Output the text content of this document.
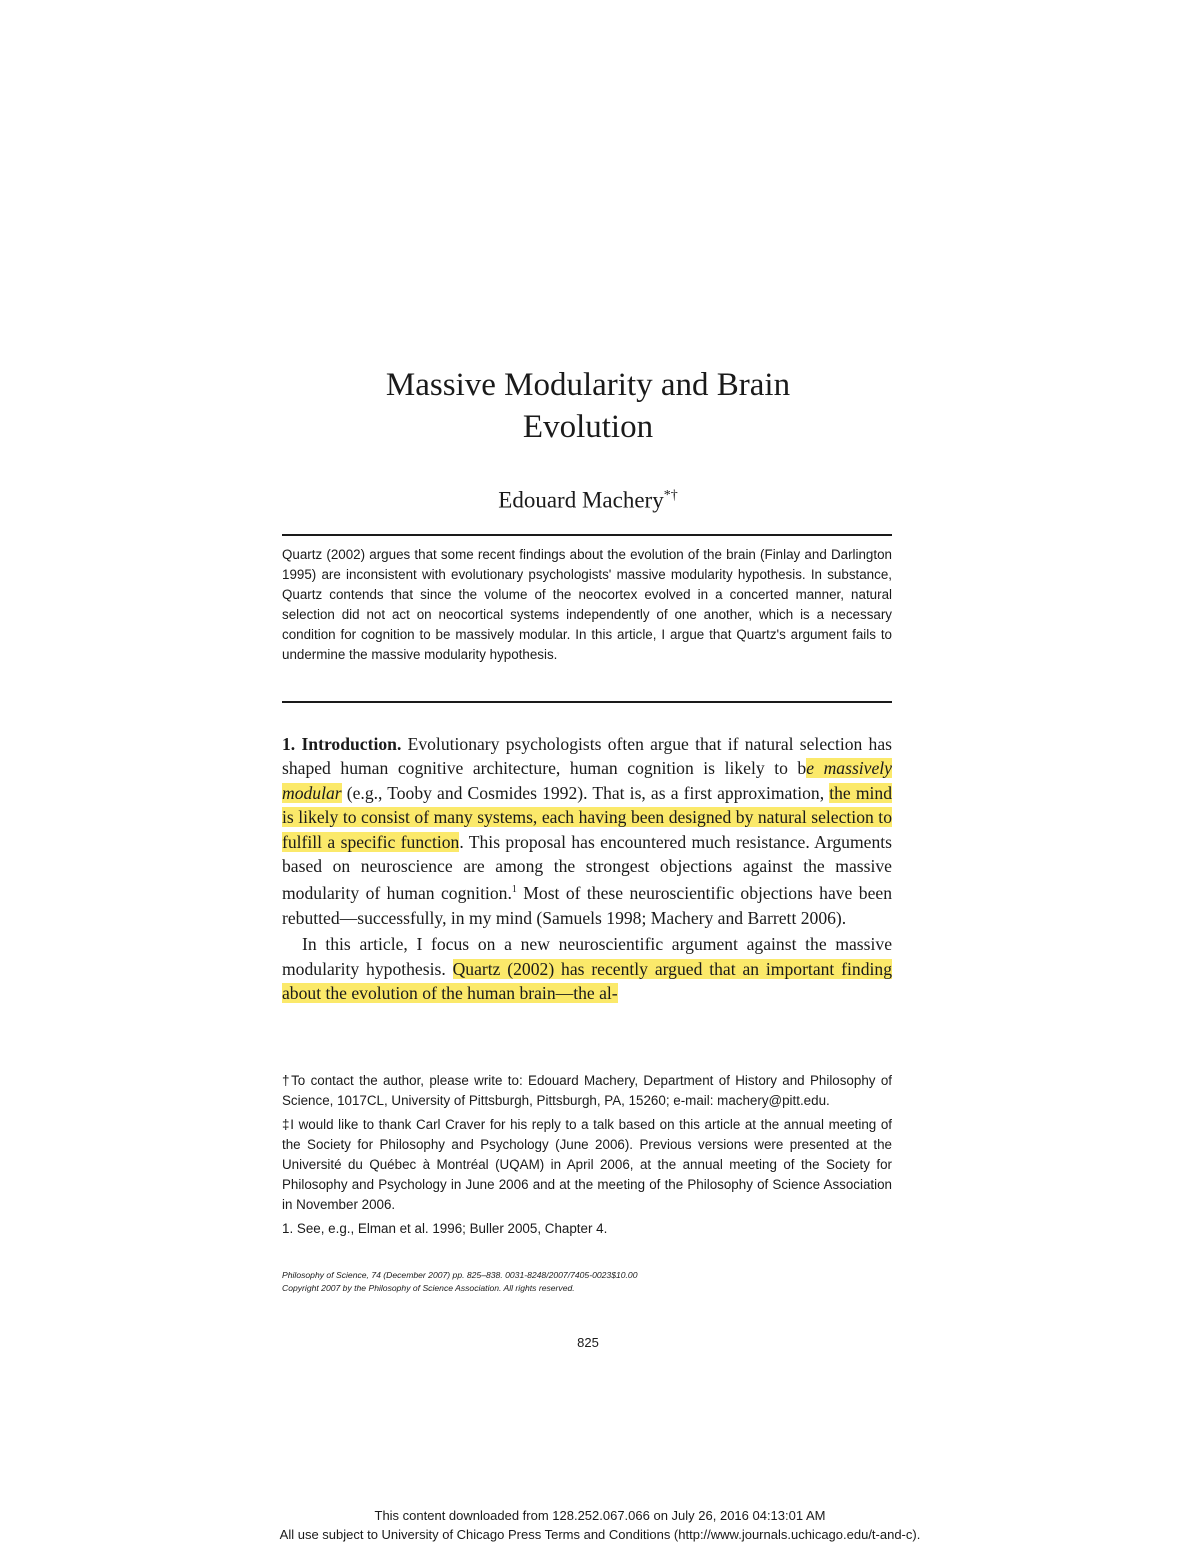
Massive Modularity and Brain
Evolution
Edouard Machery*†

Quartz (2002) argues that some recent findings about the evolution of the brain (Finlay and Darlington 1995) are inconsistent with evolutionary psychologists' massive modularity hypothesis. In substance, Quartz contends that since the volume of the neocortex evolved in a concerted manner, natural selection did not act on neocortical systems independently of one another, which is a necessary condition for cognition to be massively modular. In this article, I argue that Quartz's argument fails to undermine the massive modularity hypothesis.

1. Introduction. Evolutionary psychologists often argue that if natural selection has shaped human cognitive architecture, human cognition is likely to be massively modular (e.g., Tooby and Cosmides 1992). That is, as a first approximation, the mind is likely to consist of many systems, each having been designed by natural selection to fulfill a specific function. This proposal has encountered much resistance. Arguments based on neuroscience are among the strongest objections against the massive modularity of human cognition.$^1$ Most of these neuroscientific objections have been rebutted—successfully, in my mind (Samuels 1998; Machery and Barrett 2006).

In this article, I focus on a new neuroscientific argument against the massive modularity hypothesis. Quartz (2002) has recently argued that an important finding about the evolution of the human brain—the al-

†To contact the author, please write to: Edouard Machery, Department of History and Philosophy of Science, 1017CL, University of Pittsburgh, Pittsburgh, PA, 15260; e-mail: machery@pitt.edu.

‡I would like to thank Carl Craver for his reply to a talk based on this article at the annual meeting of the Society for Philosophy and Psychology (June 2006). Previous versions were presented at the Université du Québec à Montréal (UQAM) in April 2006, at the annual meeting of the Society for Philosophy and Psychology in June 2006 and at the meeting of the Philosophy of Science Association in November 2006.

1. See, e.g., Elman et al. 1996; Buller 2005, Chapter 4.

Philosophy of Science, 74 (December 2007) pp. 825–838. 0031-8248/2007/7405-0023$10.00
Copyright 2007 by the Philosophy of Science Association. All rights reserved.
825
This content downloaded from 128.252.067.066 on July 26, 2016 04:13:01 AM
All use subject to University of Chicago Press Terms and Conditions (http://www.journals.uchicago.edu/t-and-c).
